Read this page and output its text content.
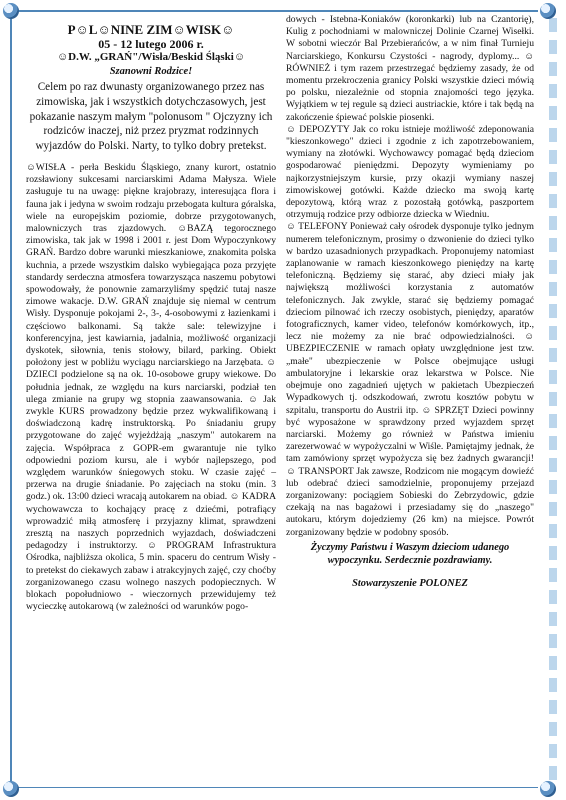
P☺L☺NINE ZIM☺WISK☺

05 - 12 lutego 2006 r.

☺D.W. „GRAŃ"/Wisła/Beskid Śląski☺

Szanowni Rodzice!

Celem po raz dwunasty organizowanego przez nas zimowiska, jak i wszystkich dotychczasowych, jest pokazanie naszym małym "polonusom " Ojczyzny ich rodziców inaczej, niż przez pryzmat rodzinnych wyjazdów do Polski. Narty, to tylko dobry pretekst.

☺WISŁA - perła Beskidu Śląskiego, znany kurort, ostatnio rozsławiony sukcesami narciarskimi Adama Małysza. Wiele zasługuje tu na uwagę: piękne krajobrazy, interesująca flora i fauna jak i jedyna w swoim rodzaju przebogata kultura góralska, wiele na europejskim poziomie, dobrze przygotowanych, malowniczych tras zjazdowych. ☺BAZĄ tegorocznego zimowiska, tak jak w 1998 i 2001 r. jest Dom Wypoczynkowy GRAŃ. Bardzo dobre warunki mieszkaniowe, znakomita polska kuchnia, a przede wszystkim dalsko wybiegająca poza przyjęte standardy serdeczna atmosfera towarzysząca naszemu pobytowi spowodowały, że ponownie zamarzyliśmy spędzić tutaj nasze zimowe wakacje. D.W. GRAŃ znajduje się niemal w centrum Wisły. Dysponuje pokojami 2-, 3-, 4-osobowymi z łazienkami i częściowo balkonami. Są także sale: telewizyjne i konferencyjna, jest kawiarnia, jadalnia, możliwość organizacji dyskotek, siłownia, tenis stołowy, bilard, parking. Obiekt położony jest w pobliżu wyciągu narciarskiego na Jarzębata. ☺DZIECI podzielone są na ok. 10-osobowe grupy wiekowe. Do południa jednak, ze względu na kurs narciarski, podział ten ulega zmianie na grupy wg stopnia zaawansowania. ☺ Jak zwykle KURS prowadzony będzie przez wykwalifikowaną i doświadczoną kadrę instruktorską. Po śniadaniu grupy przygotowane do zajęć wyjeżdżają „naszym" autokarem na zajęcia. Współpraca z GOPR-em gwarantuje nie tylko odpowiedni poziom kursu, ale i wybór najlepszego, pod względem warunków śniegowych stoku. W czasie zajęć – przerwa na drugie śniadanie. Po zajęciach na stoku (min. 3 godz.) ok. 13:00 dzieci wracają autokarem na obiad. ☺ KADRA wychowawcza to kochający pracę z dziećmi, potrafiący wprowadzić miłą atmosferę i przyjazny klimat, sprawdzeni zresztą na naszych poprzednich wyjazdach, doświadczeni pedagodzy i instruktorzy. ☺ PROGRAM Infrastruktura Ośrodka, najbliższa okolica, 5 min. spaceru do centrum Wisły - to pretekst do ciekawych zabaw i atrakcyjnych zajęć, czy choćby zorganizowanego czasu wolnego naszych podopiecznych. W blokach popołudniowo - wieczornych przewidujemy też wycieczkę autokarową (w zależności od warunków pogo-

dowych - Istebna-Koniaków (koronkarki) lub na Czantorię), Kulig z pochodniami w malowniczej Dolinie Czarnej Wisełki. W sobotni wieczór Bal Przebierańców, a w nim finał Turnieju Narciarskiego, Konkursu Czystości - nagrody, dyplomy... ☺ RÓWNIEŻ i tym razem przestrzegać będziemy zasady, że od momentu przekroczenia granicy Polski wszystkie dzieci mówią po polsku, niezależnie od stopnia znajomości tego języka. Wyjątkiem w tej regule są dzieci austriackie, które i tak będą na zakończenie śpiewać polskie piosenki.

☺ DEPOZYTY Jak co roku istnieje możliwość zdeponowania "kieszonkowego" dzieci i zgodnie z ich zapotrzebowaniem, wymiany na złotówki. Wychowawcy pomagać będą dzieciom gospodarować pieniędzmi. Depozyty wymieniamy po najkorzystniejszym kursie, przy okazji wymiany naszej zimowiskowej gotówki. Każde dziecko ma swoją kartę depozytową, którą wraz z pozostałą gotówką, paszportem otrzymują rodzice przy odbiorze dziecka w Wiedniu.

☺ TELEFONY Ponieważ cały ośrodek dysponuje tylko jednym numerem telefonicznym, prosimy o dzwonienie do dzieci tylko w bardzo uzasadnionych przypadkach. Proponujemy natomiast zaplanowanie w ramach kieszonkowego pieniędzy na kartę telefoniczną. Będziemy się starać, aby dzieci miały jak największą możliwości korzystania z automatów telefonicznych. Jak zwykle, starać się będziemy pomagać dzieciom pilnować ich rzeczy osobistych, pieniędzy, aparatów fotograficznych, kamer video, telefonów komórkowych, itp., lecz nie możemy za nie brać odpowiedzialności. ☺ UBEZPIECZENIE w ramach opłaty uwzględnione jest tzw. „małe" ubezpieczenie w Polsce obejmujące usługi ambulatoryjne i lekarskie oraz lekarstwa w Polsce. Nie obejmuje ono zagadnień ujętych w pakietach Ubezpieczeń Wypadkowych tj. odszkodowań, zwrotu kosztów pobytu w szpitalu, transportu do Austrii itp. ☺ SPRZĘT Dzieci powinny być wyposażone w sprawdzony przed wyjazdem sprzęt narciarski. Możemy go również w Państwa imieniu zarezerwować w wypożyczalni w Wiśle. Pamiętajmy jednak, że tam zamówiony sprzęt wypożycza się bez żadnych gwarancji! ☺ TRANSPORT Jak zawsze, Rodzicom nie mogącym dowieźć lub odebrać dzieci samodzielnie, proponujemy przejazd zorganizowany: pociągiem Sobieski do Zebrzydowic, gdzie czekają na nas bagażowi i przesiadamy się do „naszego" autokaru, którym dojedziemy (26 km) na miejsce. Powrót zorganizowany będzie w podobny sposób.

Życzymy Państwu i Waszym dzieciom udanego wypoczynku. Serdecznie pozdrawiamy.

Stowarzyszenie POLONEZ
